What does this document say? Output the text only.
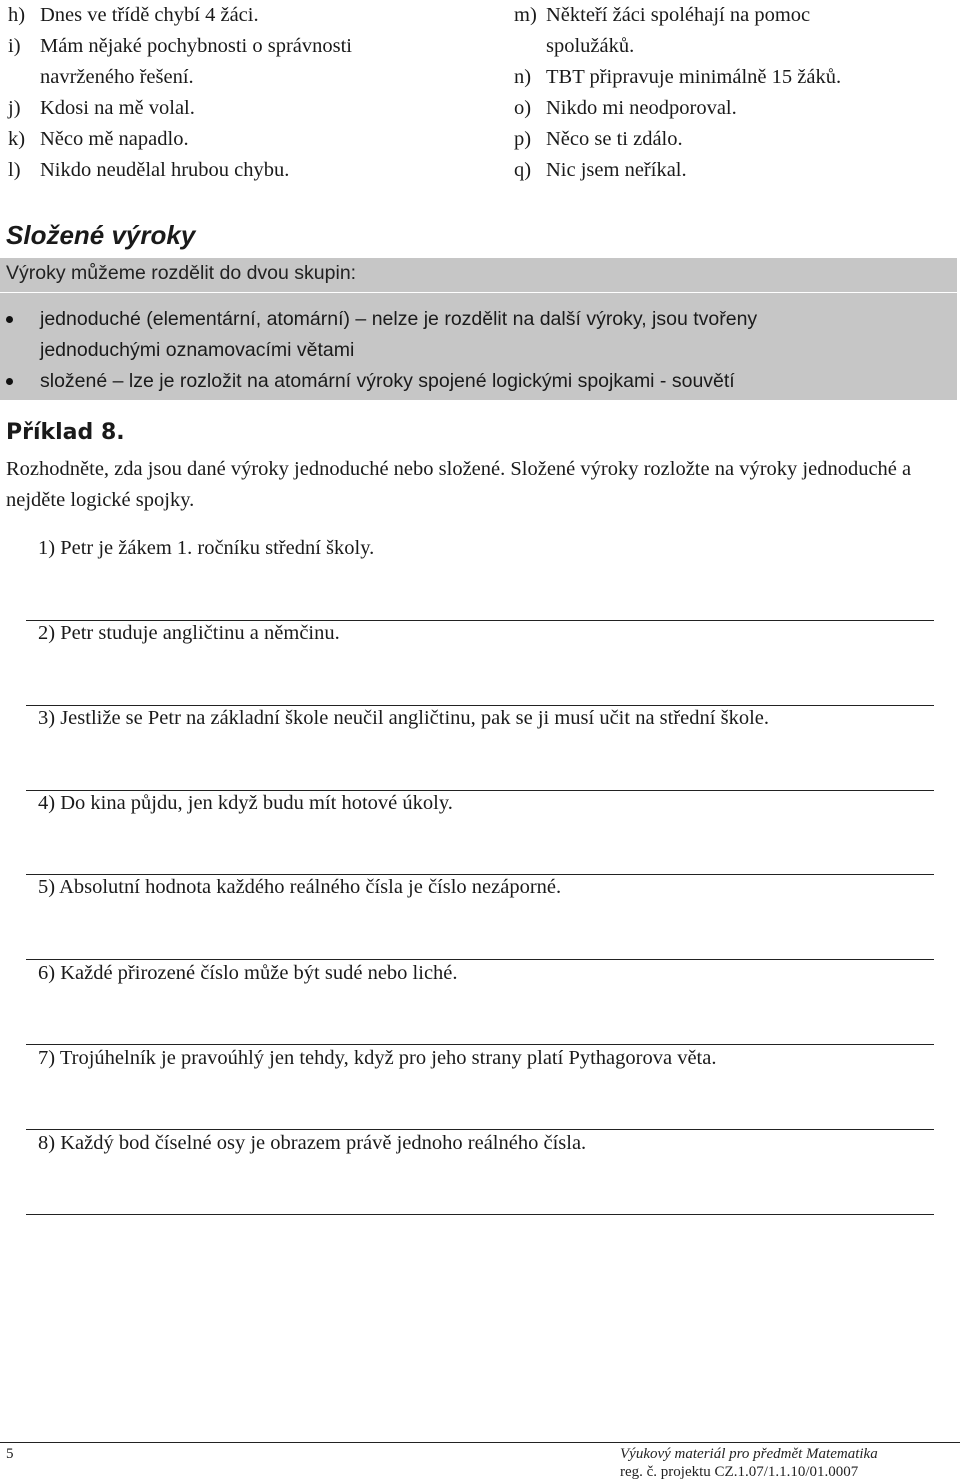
h) Dnes ve třídě chybí 4 žáci.
i) Mám nějaké pochybnosti o správnosti
navrženého řešení.
j) Kdosi na mě volal.
k) Něco mě napadlo.
l) Nikdo neudělal hrubou chybu.
m) Někteří žáci spoléhají na pomoc
spolužáků.
n) TBT připravuje minimálně 15 žáků.
o) Nikdo mi neodporoval.
p) Něco se ti zdálo.
q) Nic jsem neříkal.
Složené výroky
Výroky můžeme rozdělit do dvou skupin:
jednoduché (elementární, atomární) – nelze je rozdělit na další výroky, jsou tvořeny
jednoduchými oznamovacími větami
složené – lze je rozložit na atomární výroky spojené logickými spojkami - souvětí
Příklad 8.
Rozhodněte, zda jsou dané výroky jednoduché nebo složené. Složené výroky rozložte na výroky jednoduché a nejděte logické spojky.
1) Petr je žákem 1. ročníku střední školy.
2) Petr studuje angličtinu a němčinu.
3) Jestliže se Petr na základní škole neučil angličtinu, pak se ji musí učit na střední škole.
4) Do kina půjdu, jen když budu mít hotové úkoly.
5) Absolutní hodnota každého reálného čísla je číslo nezáporné.
6) Každé přirozené číslo může být sudé nebo liché.
7) Trojúhelník je pravoúhlý jen tehdy, když pro jeho strany platí Pythagorova věta.
8) Každý bod číselné osy je obrazem právě jednoho reálného čísla.
5	Výukový materiál pro předmět Matematika
reg. č. projektu CZ.1.07/1.1.10/01.0007
